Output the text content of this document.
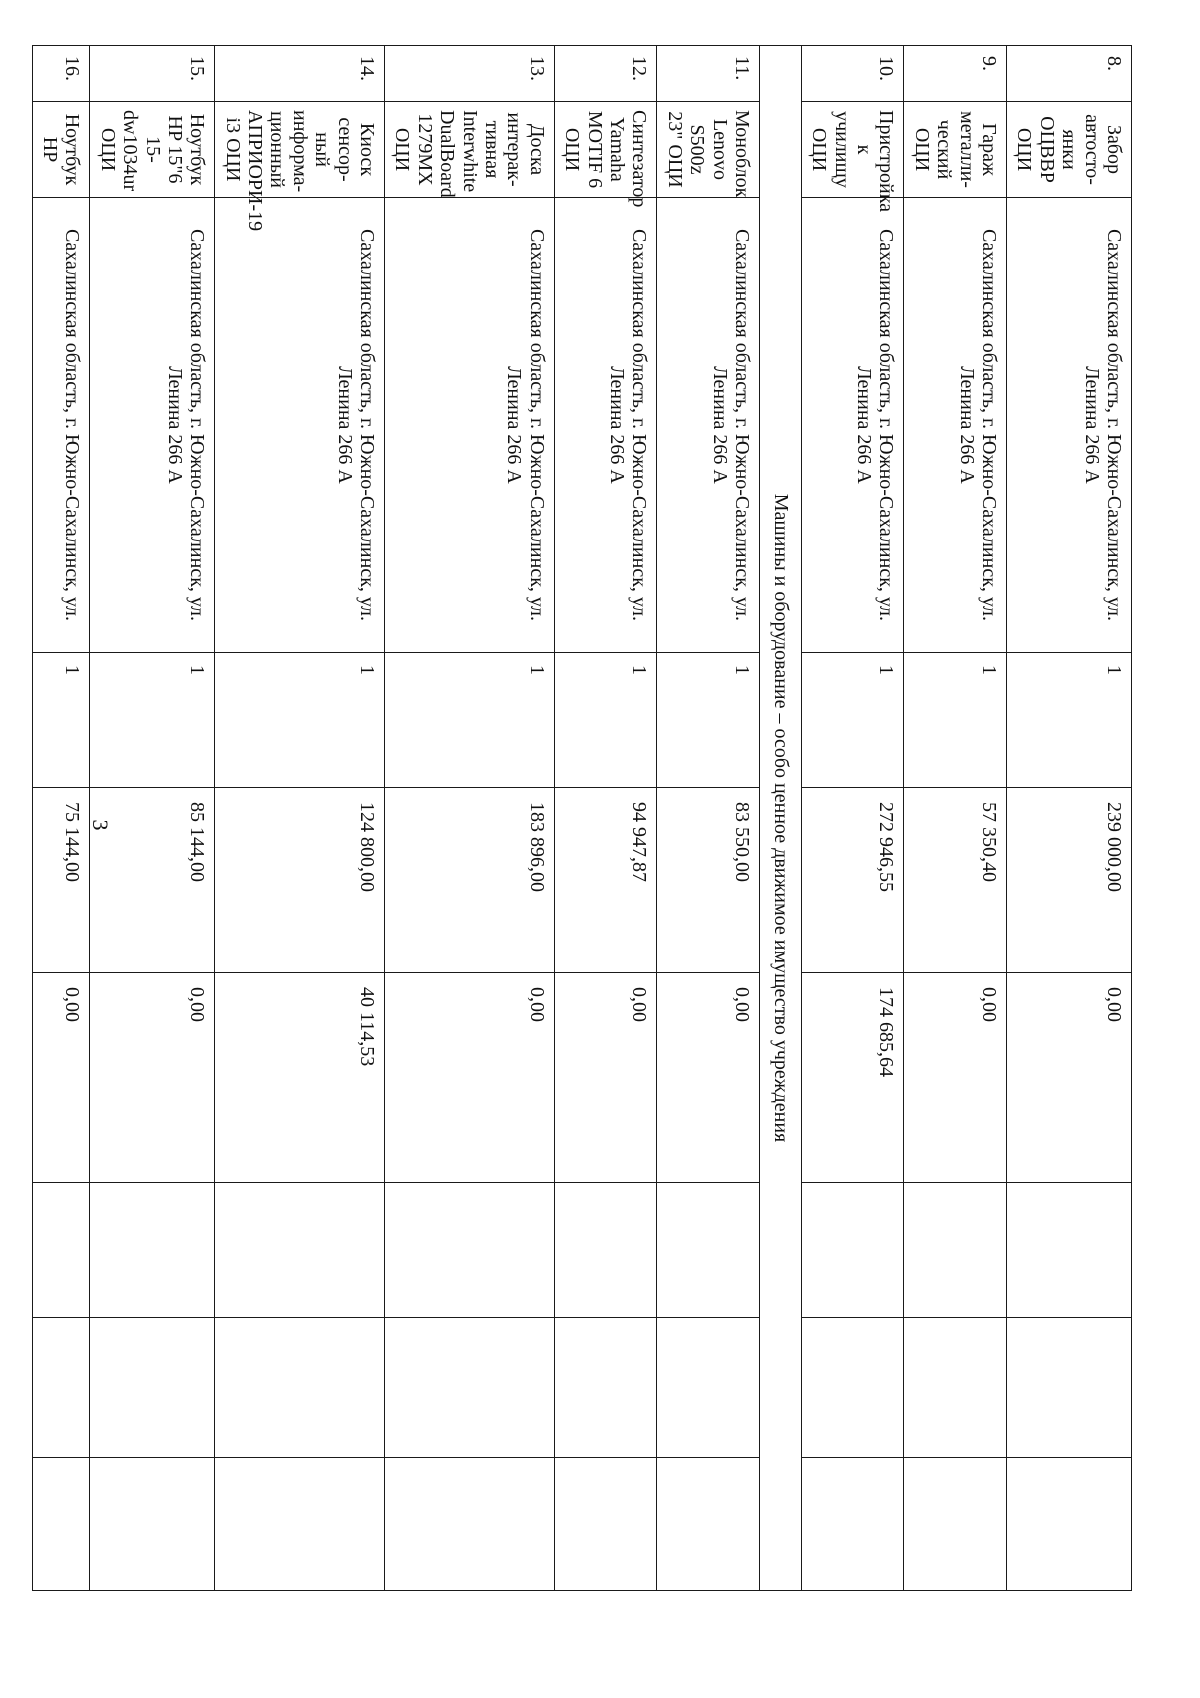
3
8.	Забор автосто-янки ОЦВВР ОЦИ	Сахалинская область, г. Южно-Сахалинск, ул. Ленина 266 А	1	239 000,00	0,00			
9.	Гараж металли-ческий ОЦИ	Сахалинская область, г. Южно-Сахалинск, ул. Ленина 266 А	1	57 350,40	0,00			
10.	Пристройка к училищу ОЦИ	Сахалинская область, г. Южно-Сахалинск, ул. Ленина 266 А	1	272 946,55	174 685,64			
Машины и оборудование – особо ценное движимое имущество учреждения								
11.	Моноблок Lenovo S500z 23" ОЦИ	Сахалинская область, г. Южно-Сахалинск, ул. Ленина 266 А	1	83 550,00	0,00			
12.	Синтезатор Yamaha MOTIF 6 ОЦИ	Сахалинская область, г. Южно-Сахалинск, ул. Ленина 266 А	1	94 947,87	0,00			
13.	Доска интерак-тивная Interwhite DualBoard 1279MX ОЦИ	Сахалинская область, г. Южно-Сахалинск, ул. Ленина 266 А	1	183 896,00	0,00			
14.	Киоск сенсор-ный информа-ционный АПРИОРИ-19 i3 ОЦИ	Сахалинская область, г. Южно-Сахалинск, ул. Ленина 266 А	1	124 800,00	40 114,53			
15.	Ноутбук HP 15"6 15-dw1034ur ОЦИ	Сахалинская область, г. Южно-Сахалинск, ул. Ленина 266 А	1	85 144,00	0,00			
16.	Ноутбук HP	Сахалинская область, г. Южно-Сахалинск, ул.	1	75 144,00	0,00			
